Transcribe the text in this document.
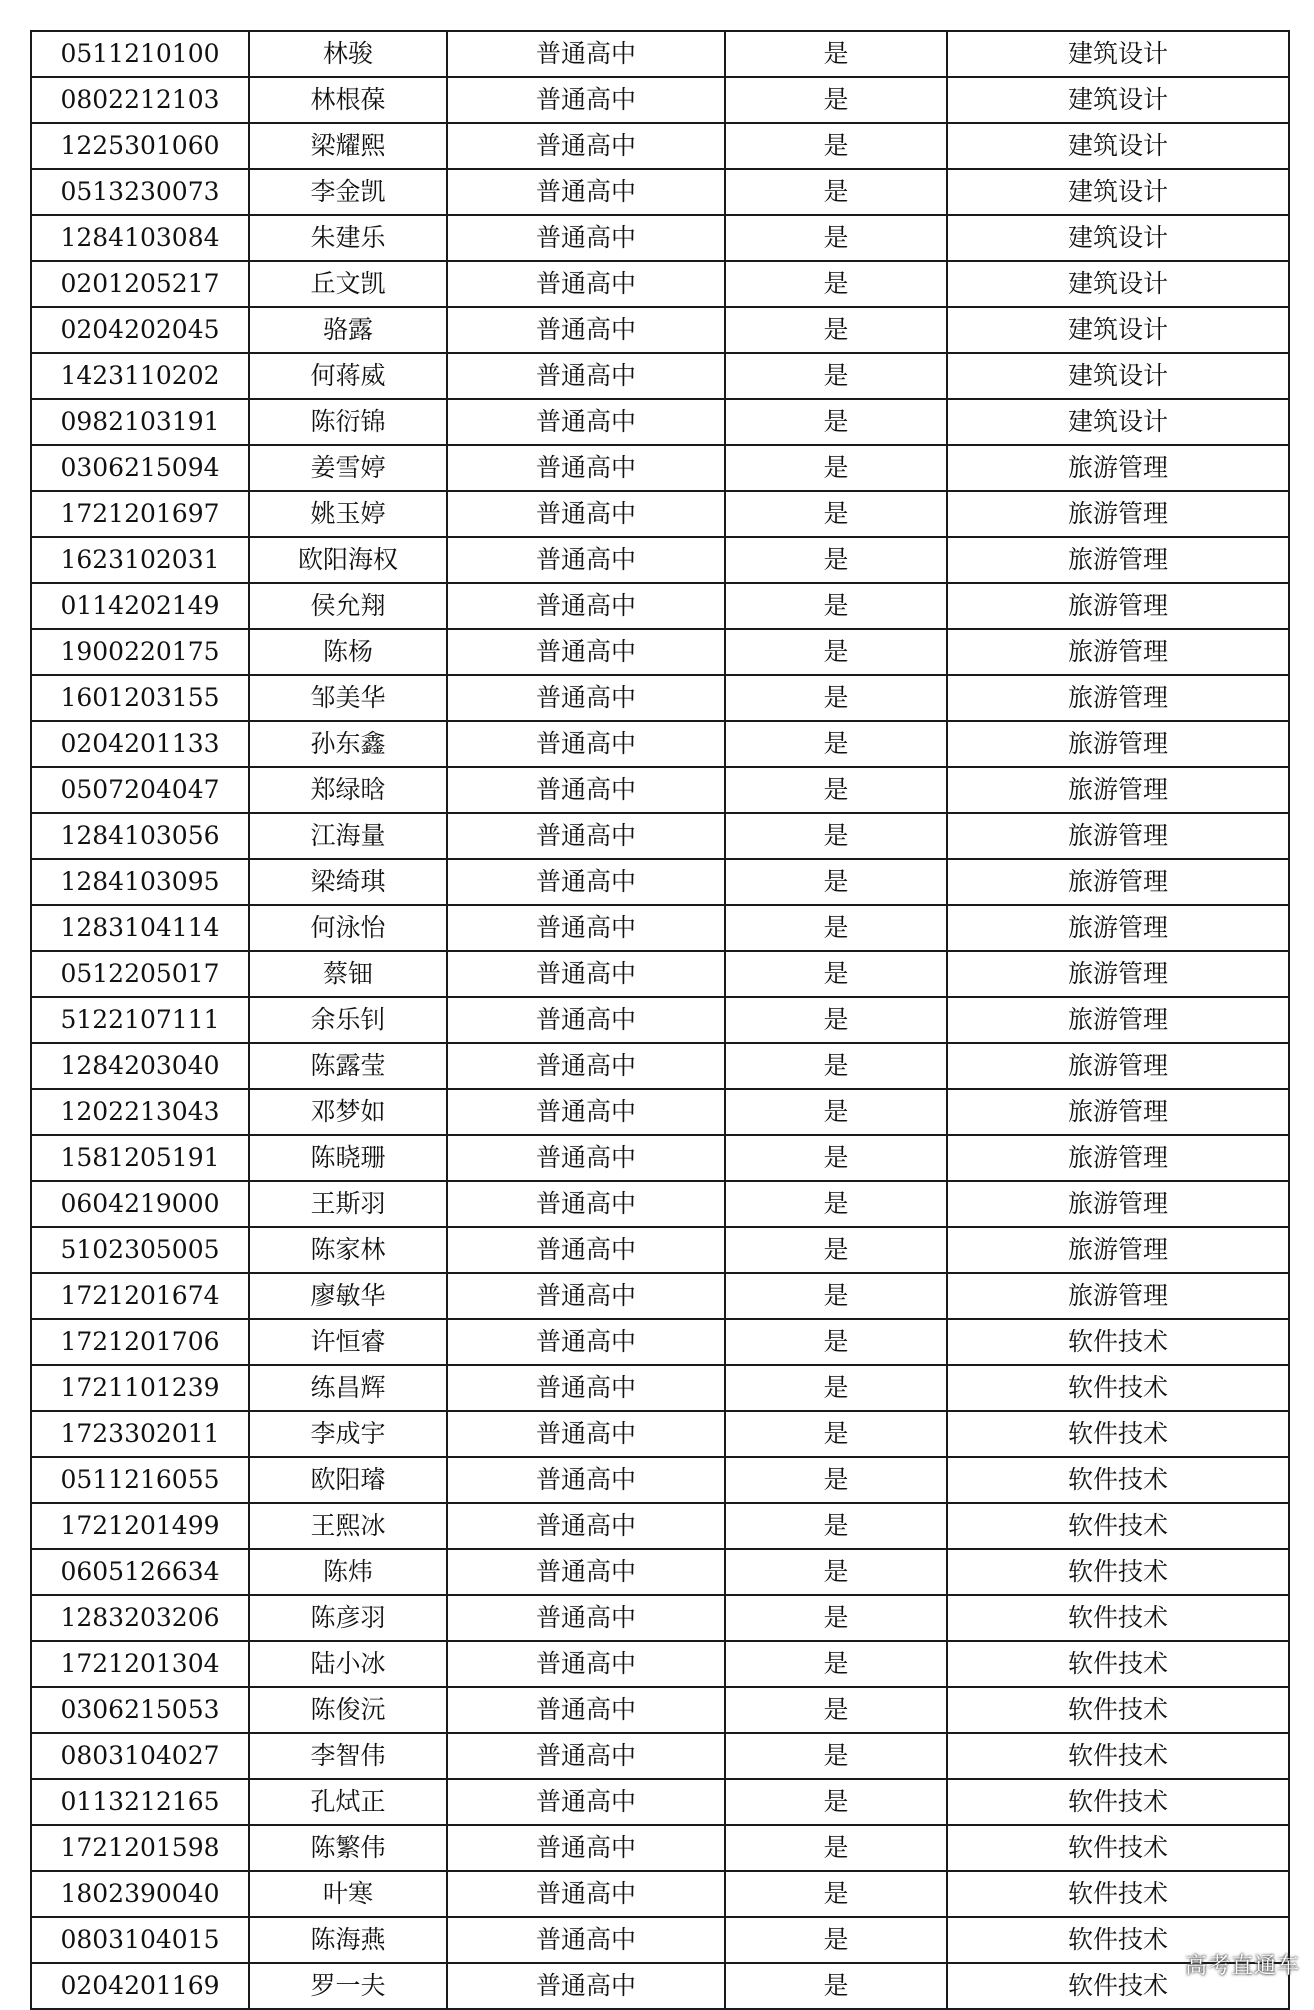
0511210100	林骏	普通高中	是	建筑设计
0802212103	林根葆	普通高中	是	建筑设计
1225301060	梁耀熙	普通高中	是	建筑设计
0513230073	李金凯	普通高中	是	建筑设计
1284103084	朱建乐	普通高中	是	建筑设计
0201205217	丘文凯	普通高中	是	建筑设计
0204202045	骆露	普通高中	是	建筑设计
1423110202	何蒋威	普通高中	是	建筑设计
0982103191	陈衍锦	普通高中	是	建筑设计
0306215094	姜雪婷	普通高中	是	旅游管理
1721201697	姚玉婷	普通高中	是	旅游管理
1623102031	欧阳海权	普通高中	是	旅游管理
0114202149	侯允翔	普通高中	是	旅游管理
1900220175	陈杨	普通高中	是	旅游管理
1601203155	邹美华	普通高中	是	旅游管理
0204201133	孙东鑫	普通高中	是	旅游管理
0507204047	郑绿晗	普通高中	是	旅游管理
1284103056	江海量	普通高中	是	旅游管理
1284103095	梁绮琪	普通高中	是	旅游管理
1283104114	何泳怡	普通高中	是	旅游管理
0512205017	蔡钿	普通高中	是	旅游管理
5122107111	余乐钊	普通高中	是	旅游管理
1284203040	陈露莹	普通高中	是	旅游管理
1202213043	邓梦如	普通高中	是	旅游管理
1581205191	陈晓珊	普通高中	是	旅游管理
0604219000	王斯羽	普通高中	是	旅游管理
5102305005	陈家林	普通高中	是	旅游管理
1721201674	廖敏华	普通高中	是	旅游管理
1721201706	许恒睿	普通高中	是	软件技术
1721101239	练昌辉	普通高中	是	软件技术
1723302011	李成宇	普通高中	是	软件技术
0511216055	欧阳璿	普通高中	是	软件技术
1721201499	王熙冰	普通高中	是	软件技术
0605126634	陈炜	普通高中	是	软件技术
1283203206	陈彦羽	普通高中	是	软件技术
1721201304	陆小冰	普通高中	是	软件技术
0306215053	陈俊沅	普通高中	是	软件技术
0803104027	李智伟	普通高中	是	软件技术
0113212165	孔烒正	普通高中	是	软件技术
1721201598	陈繁伟	普通高中	是	软件技术
1802390040	叶寒	普通高中	是	软件技术
0803104015	陈海燕	普通高中	是	软件技术
0204201169	罗一夫	普通高中	是	软件技术
高考直通车
